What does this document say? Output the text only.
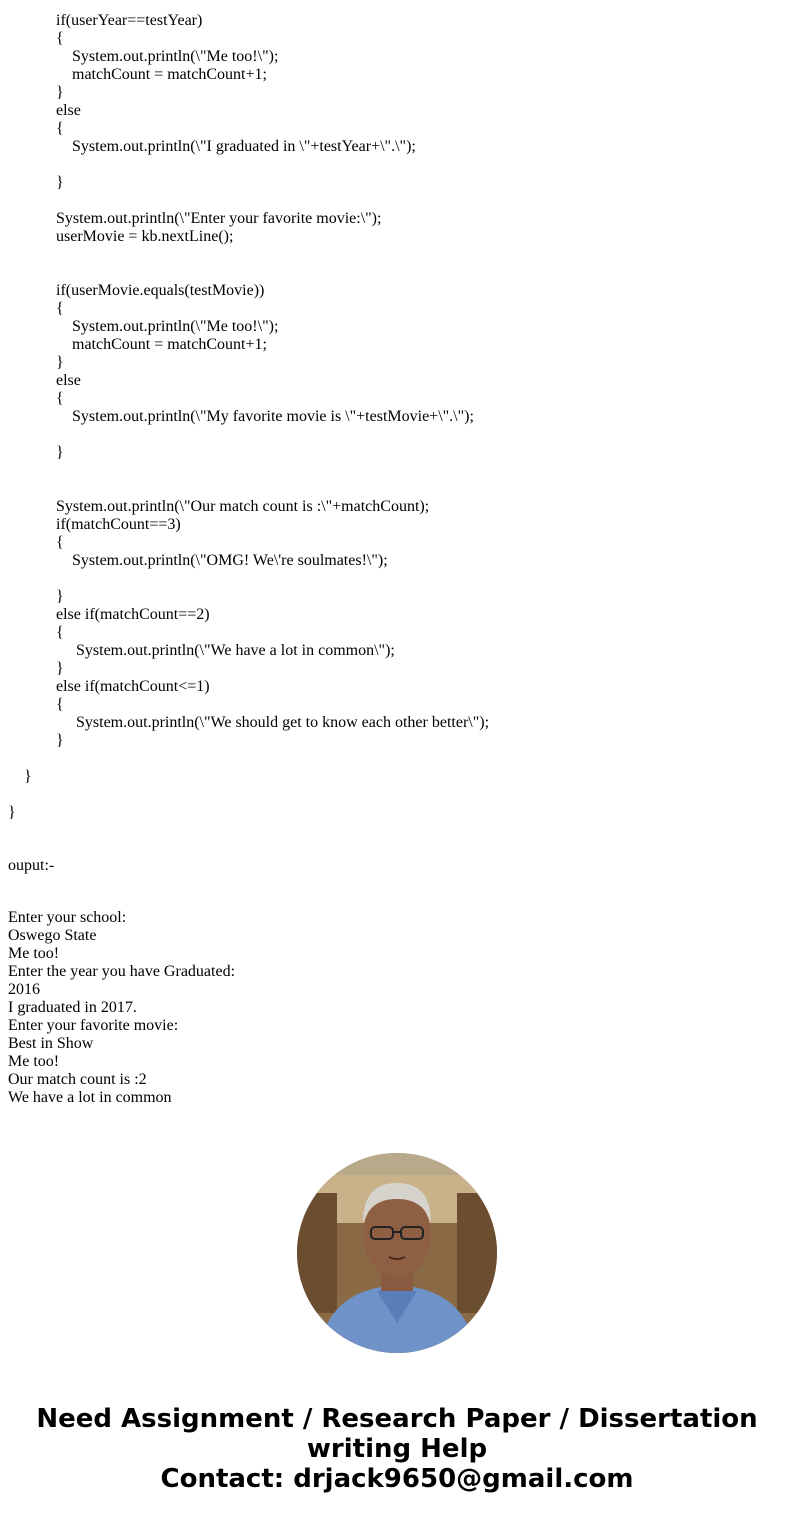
if(userYear==testYear)
{
System.out.println(\"Me too!\");
matchCount = matchCount+1;
}
else
{
System.out.println(\"I graduated in \"+testYear+\".\");
}
System.out.println(\"Enter your favorite movie:\");
userMovie = kb.nextLine();
if(userMovie.equals(testMovie))
{
System.out.println(\"Me too!\");
matchCount = matchCount+1;
}
else
{
System.out.println(\"My favorite movie is \"+testMovie+\".\");
}
System.out.println(\"Our match count is :\"+matchCount);
if(matchCount==3)
{
System.out.println(\"OMG! We\'re soulmates!\");
}
else if(matchCount==2)
{
System.out.println(\"We have a lot in common\");
}
else if(matchCount<=1)
{
System.out.println(\"We should get to know each other better\");
}
}
}
ouput:-
Enter your school:
Oswego State
Me too!
Enter the year you have Graduated:
2016
I graduated in 2017.
Enter your favorite movie:
Best in Show
Me too!
Our match count is :2
We have a lot in common
Need Assignment / Research Paper / Dissertation
writing Help
Contact: drjack9650@gmail.com
